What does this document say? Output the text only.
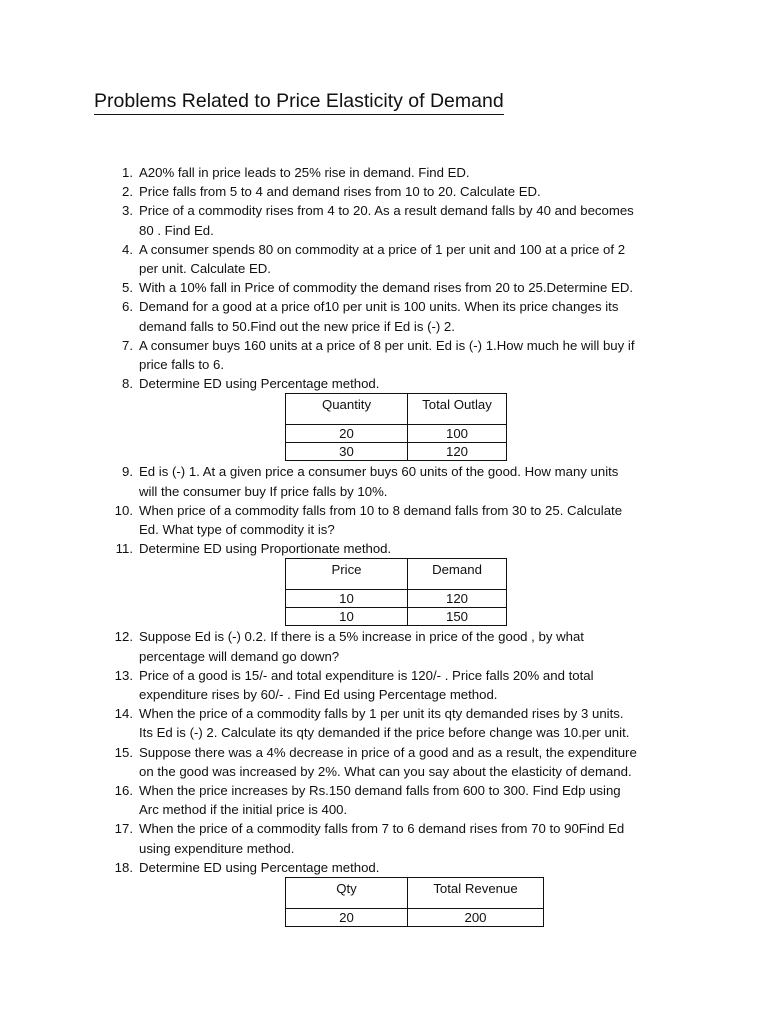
Problems Related to Price Elasticity of Demand
1. A20% fall in price leads to 25% rise in demand. Find ED.
2. Price falls from 5 to 4 and demand rises from 10 to 20. Calculate ED.
3. Price of a commodity rises from 4 to 20. As a result demand falls by 40 and becomes
80 . Find Ed.
4. A consumer spends 80 on commodity at a price of 1 per unit and 100 at a price of 2
per unit. Calculate ED.
5. With a 10% fall in Price of commodity the demand rises from 20 to 25.Determine ED.
6. Demand for a good at a price of10 per unit is 100 units. When its price changes its
demand falls to 50.Find out the new price if Ed is (-) 2.
7. A consumer buys 160 units at a price of 8 per unit. Ed is (-) 1.How much he will buy if
price falls to 6.
8. Determine ED using Percentage method.
Quantity	Total Outlay
20	100
30	120
9. Ed is (-) 1. At a given price a consumer buys 60 units of the good. How many units
will the consumer buy If price falls by 10%.
10. When price of a commodity falls from 10 to 8 demand falls from 30 to 25. Calculate
Ed. What type of commodity it is?
11. Determine ED using Proportionate method.
Price	Demand
10	120
10	150
12. Suppose Ed is (-) 0.2. If there is a 5% increase in price of the good , by what
percentage will demand go down?
13. Price of a good is 15/- and total expenditure is 120/- . Price falls 20% and total
expenditure rises by 60/- . Find Ed using Percentage method.
14. When the price of a commodity falls by 1 per unit its qty demanded rises by 3 units.
Its Ed is (-) 2. Calculate its qty demanded if the price before change was 10.per unit.
15. Suppose there was a 4% decrease in price of a good and as a result, the expenditure
on the good was increased by 2%. What can you say about the elasticity of demand.
16. When the price increases by Rs.150 demand falls from 600 to 300. Find Edp using
Arc method if the initial price is 400.
17. When the price of a commodity falls from 7 to 6 demand rises from 70 to 90Find Ed
using expenditure method.
18. Determine ED using Percentage method.
Qty	Total Revenue
20	200
